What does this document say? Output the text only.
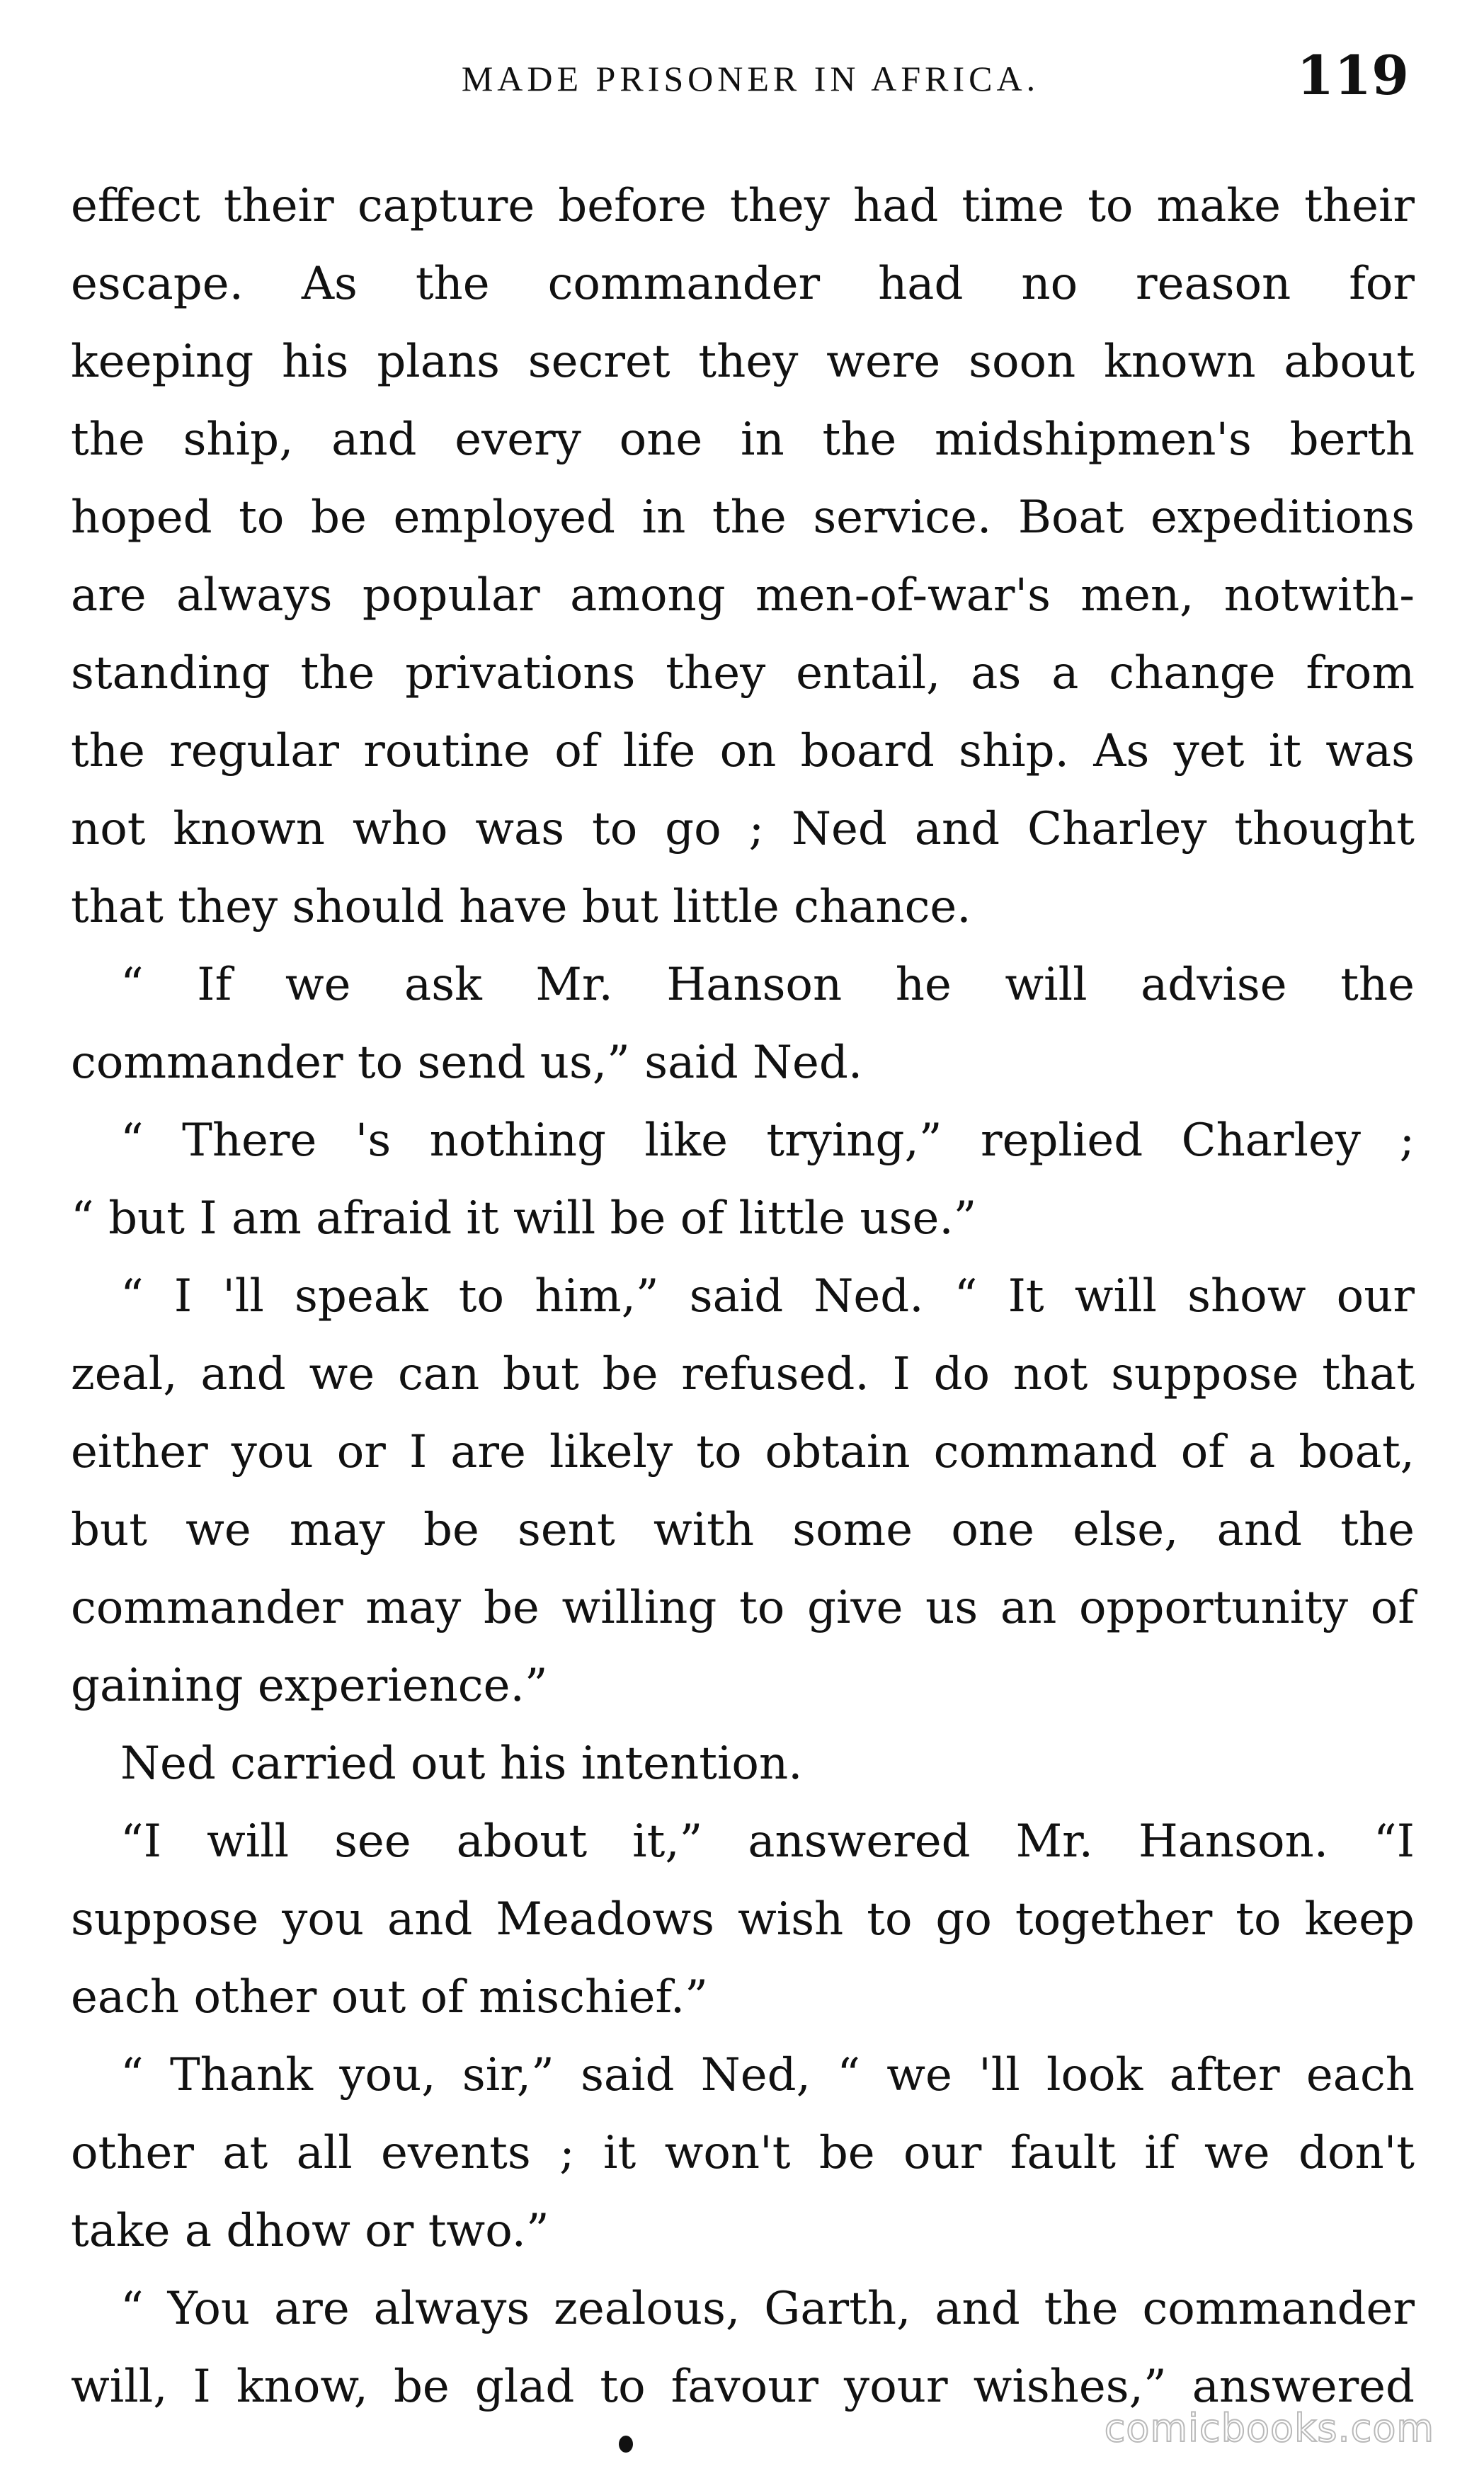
MADE PRISONER IN AFRICA.	119
effect their capture before they had time to make their
escape. As the commander had no reason for
keeping his plans secret they were soon known about
the ship, and every one in the midshipmen's berth
hoped to be employed in the service. Boat expeditions
are always popular among men-of-war's men, notwith-
standing the privations they entail, as a change from
the regular routine of life on board ship. As yet it was
not known who was to go ; Ned and Charley thought
that they should have but little chance.
“ If we ask Mr. Hanson he will advise the
commander to send us,” said Ned.
“ There 's nothing like trying,” replied Charley ;
“ but I am afraid it will be of little use.”
“ I 'll speak to him,” said Ned. “ It will show our
zeal, and we can but be refused. I do not suppose that
either you or I are likely to obtain command of a boat,
but we may be sent with some one else, and the
commander may be willing to give us an opportunity of
gaining experience.”
Ned carried out his intention.
“I will see about it,” answered Mr. Hanson. “I
suppose you and Meadows wish to go together to keep
each other out of mischief.”
“ Thank you, sir,” said Ned, “ we 'll look after each
other at all events ; it won't be our fault if we don't
take a dhow or two.”
“ You are always zealous, Garth, and the commander
will, I know, be glad to favour your wishes,” answered
comicbooks.com
